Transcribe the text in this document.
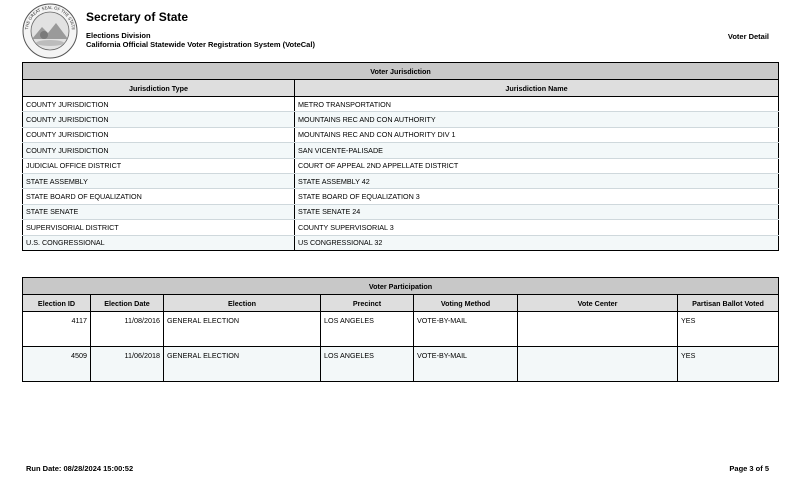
THE GREAT SEAL OF THE STATE
Secretary of State
Elections Division
California Official Statewide Voter Registration System (VoteCal)
Voter Detail
Voter Jurisdiction	
Jurisdiction Type	Jurisdiction Name
COUNTY JURISDICTION	METRO TRANSPORTATION
COUNTY JURISDICTION	MOUNTAINS REC AND CON AUTHORITY
COUNTY JURISDICTION	MOUNTAINS REC AND CON AUTHORITY DIV 1
COUNTY JURISDICTION	SAN VICENTE-PALISADE
JUDICIAL OFFICE DISTRICT	COURT OF APPEAL 2ND APPELLATE DISTRICT
STATE ASSEMBLY	STATE ASSEMBLY 42
STATE BOARD OF EQUALIZATION	STATE BOARD OF EQUALIZATION 3
STATE SENATE	STATE SENATE 24
SUPERVISORIAL DISTRICT	COUNTY SUPERVISORIAL 3
U.S. CONGRESSIONAL	US CONGRESSIONAL 32
Voter Participation						
Election ID	Election Date	Election	Precinct	Voting Method	Vote Center	Partisan Ballot Voted
4117	11/08/2016	GENERAL ELECTION	LOS ANGELES	VOTE-BY-MAIL		YES
4509	11/06/2018	GENERAL ELECTION	LOS ANGELES	VOTE-BY-MAIL		YES
Run Date: 08/28/2024 15:00:52	Page 3 of 5
